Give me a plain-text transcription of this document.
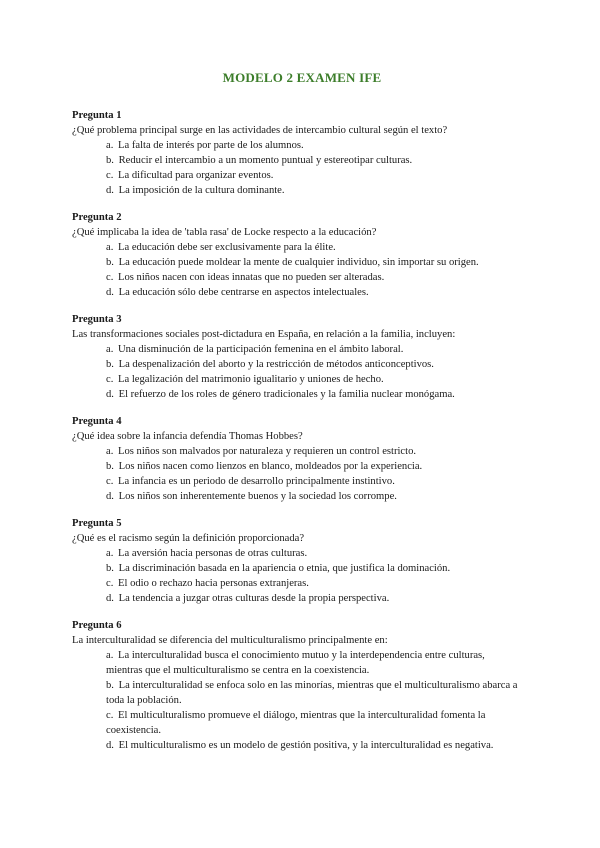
MODELO 2 EXAMEN IFE
Pregunta 1
¿Qué problema principal surge en las actividades de intercambio cultural según el texto?
a. La falta de interés por parte de los alumnos.
b. Reducir el intercambio a un momento puntual y estereotipar culturas.
c. La dificultad para organizar eventos.
d. La imposición de la cultura dominante.
Pregunta 2
¿Qué implicaba la idea de 'tabla rasa' de Locke respecto a la educación?
a. La educación debe ser exclusivamente para la élite.
b. La educación puede moldear la mente de cualquier individuo, sin importar su origen.
c. Los niños nacen con ideas innatas que no pueden ser alteradas.
d. La educación sólo debe centrarse en aspectos intelectuales.
Pregunta 3
Las transformaciones sociales post-dictadura en España, en relación a la familia, incluyen:
a. Una disminución de la participación femenina en el ámbito laboral.
b. La despenalización del aborto y la restricción de métodos anticonceptivos.
c. La legalización del matrimonio igualitario y uniones de hecho.
d. El refuerzo de los roles de género tradicionales y la familia nuclear monógama.
Pregunta 4
¿Qué idea sobre la infancia defendía Thomas Hobbes?
a. Los niños son malvados por naturaleza y requieren un control estricto.
b. Los niños nacen como lienzos en blanco, moldeados por la experiencia.
c. La infancia es un periodo de desarrollo principalmente instintivo.
d. Los niños son inherentemente buenos y la sociedad los corrompe.
Pregunta 5
¿Qué es el racismo según la definición proporcionada?
a. La aversión hacia personas de otras culturas.
b. La discriminación basada en la apariencia o etnia, que justifica la dominación.
c. El odio o rechazo hacia personas extranjeras.
d. La tendencia a juzgar otras culturas desde la propia perspectiva.
Pregunta 6
La interculturalidad se diferencia del multiculturalismo principalmente en:
a. La interculturalidad busca el conocimiento mutuo y la interdependencia entre culturas, mientras que el multiculturalismo se centra en la coexistencia.
b. La interculturalidad se enfoca solo en las minorías, mientras que el multiculturalismo abarca a toda la población.
c. El multiculturalismo promueve el diálogo, mientras que la interculturalidad fomenta la coexistencia.
d. El multiculturalismo es un modelo de gestión positiva, y la interculturalidad es negativa.
